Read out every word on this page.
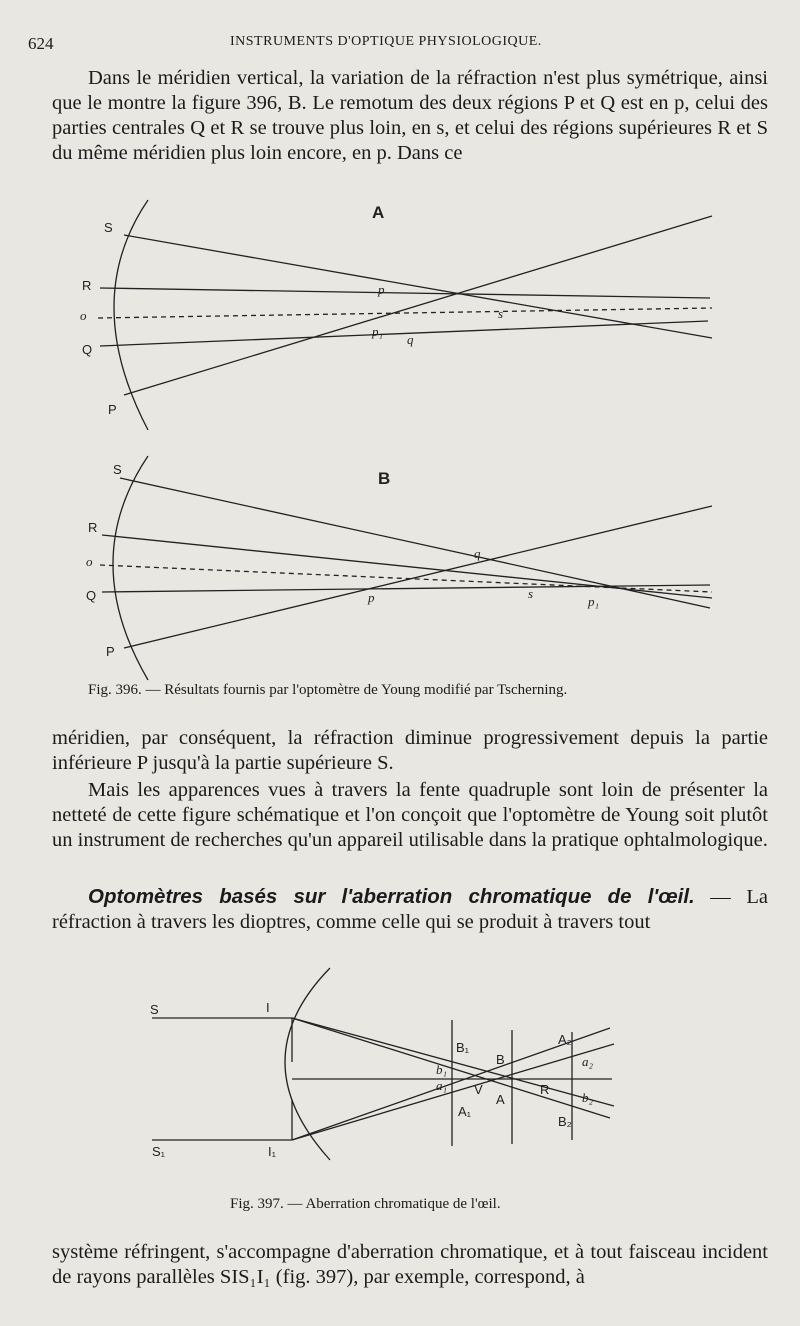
624	INSTRUMENTS D'OPTIQUE PHYSIOLOGIQUE.

Dans le méridien vertical, la variation de la réfraction n'est plus symétrique, ainsi que le montre la figure 396, B. Le remotum des deux régions P et Q est en p, celui des parties centrales Q et R se trouve plus loin, en s, et celui des régions supérieures R et S du même méridien plus loin encore, en p. Dans ce

A
S
R
o
Q
P
p
p₁
q
s
B
S
R
o
Q
P
q
p	s
p₁
S	I
S₁	I₁
B₁
B
A₂
b₁
a₂
a₁ V	R
b₂
A
A₁
B₂
Fig. 396. — Résultats fournis par l'optomètre de Young modifié par Tscherning.

méridien, par conséquent, la réfraction diminue progressivement depuis la partie inférieure P jusqu'à la partie supérieure S.

Mais les apparences vues à travers la fente quadruple sont loin de présenter la netteté de cette figure schématique et l'on conçoit que l'optomètre de Young soit plutôt un instrument de recherches qu'un appareil utilisable dans la pratique ophtalmologique.

Optomètres basés sur l'aberration chromatique de l'œil. — La réfraction à travers les dioptres, comme celle qui se produit à travers tout

Fig. 397. — Aberration chromatique de l'œil.

système réfringent, s'accompagne d'aberration chromatique, et à tout faisceau incident de rayons parallèles SIS₁I₁ (fig. 397), par exemple, correspond, à
